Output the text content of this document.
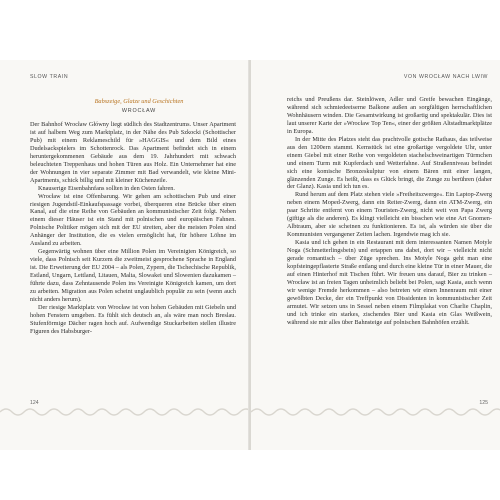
SLOW TRAIN
Babszeige, Glatze und Geschichten
WROCŁAW

Der Bahnhof Wrocław Główny liegt südlich des Stadtzentrums. Unser Apartment ist auf halbem Weg zum Marktplatz, in der Nähe des Pub Szkocki (Schottischer Pub) mit einem Reklameschild für »HAGGIS« und dem Bild eines Dudelsackspielers im Schottenrock. Das Apartment befindet sich in einem heruntergekommenen Gebäude aus dem 19. Jahrhundert mit schwach beleuchteten Treppenhaus und hohen Türen aus Holz. Ein Unternehmer hat eine der Wohnungen in vier separate Zimmer mit Bad verwandelt, wie kleine Mini-Apartments, schick billig und mit kleiner Küchenzeile.

Knauserige Eisenbahnfans sollten in den Osten fahren.

Wrocław ist eine Offenbarung. Wir gehen am schottischen Pub und einer riesigen Jugendstil-Einkaufspassage vorbei, überqueren eine Brücke über einen Kanal, auf die eine Reihe von Gebäuden an kommunistischer Zeit folgt. Neben einem dieser Häuser ist ein Stand mit polnischen und europäischen Fahnen. Polnische Politiker mögen sich mit der EU streiten, aber die meisten Polen sind Anhänger der Institution, die es vielen ermöglicht hat, für höhere Löhne im Ausland zu arbeiten.

Gegenwärtig wohnen über eine Million Polen im Vereinigten Königreich, so viele, dass Polnisch seit Kurzem die zweitmeist gesprochene Sprache in England ist. Die Erweiterung der EU 2004 – als Polen, Zypern, die Tschechische Republik, Estland, Ungarn, Lettland, Litauen, Malta, Slowakei und Slowenien dazukamen – führte dazu, dass Zehntausende Polen ins Vereinigte Königreich kamen, um dort zu arbeiten. Migration aus Polen scheint unglaublich populär zu sein (wenn auch nicht anders herum).

Der riesige Marktplatz von Wrocław ist von hohen Gebäuden mit Giebeln und hohen Fenstern umgeben. Es fühlt sich deutsch an, als wäre man noch Breslau. Stufenförmige Dächer ragen hoch auf. Aufwendige Stuckarbeiten stellen illustre Figuren des Habsburger-

124
VON WROCŁAW NACH LWIW

reichs und Preußens dar. Steinlöwen, Adler und Greife bewachen Eingänge, während sich schmiedeeiserne Balkone außen an sorgfältigen herrschaftlichen Wohnhäusern winden. Die Gesamtwirkung ist großartig und spektakulär. Dies ist laut unserer Karte der »Wrocław Top Ten«, einer der größten Altstadtmarktplätze in Europa.

In der Mitte des Platzes steht das prachtvolle gotische Rathaus, das teilweise aus den 1200ern stammt. Kernstück ist eine großartige vergoldete Uhr, unter einem Giebel mit einer Reihe von vergoldeten stachelschweinartigen Türmchen und einem Turm mit Kupferdach und Wetterfahne. Auf Straßenniveau befindet sich eine komische Bronzeskulptur von einem Bären mit einer langen, glänzenden Zunge. Es heißt, dass es Glück bringt, die Zunge zu berühren (daher der Glanz). Kasia und ich tun es.

Rund herum auf dem Platz stehen viele »Freiheitszwerge«. Ein Laptop-Zwerg neben einem Moped-Zwerg, dann ein Reiter-Zwerg, dann ein ATM-Zwerg, ein paar Schritte entfernt von einem Touristen-Zwerg, nicht weit von Papa Zwerg (giftige als die anderen). Es klingt vielleicht ein bisschen wie eine Art Gnomen-Albtraum, aber sie scheinen zu funktionieren. Es ist, als würden sie über die Kommunisten vergangener Zeiten lachen. Irgendwie mag ich sie.

Kasia und ich gehen in ein Restaurant mit dem interessanten Namen Motyle Noga (Schmetterlingsbein) und ertappen uns dabei, dort wir – vielleicht nicht gerade romantisch – über Züge sprechen. Ins Motyle Noga geht man eine kopfsteingepflasterte Straße entlang und durch eine kleine Tür in einer Mauer, die auf einen Hinterhof mit Tischen führt. Wir freuen uns darauf, Bier zu trinken – Wrocław ist an freien Tagen unheimlich beliebt bei Polen, sagt Kasia, auch wenn wir wenige Fremde herkommen – also betreten wir einen Innenraum mit einer gewölbten Decke, der ein Treffpunkt von Dissidenten in kommunistischer Zeit armutet. Wir setzen uns in Sessel neben einem Filmplakat von Charlie Chaplin, und ich trinke ein starkes, zischendes Bier und Kasia ein Glas Weißwein, während sie mir alles über Bahnsteige auf polnischen Bahnhöfen erzählt.

125
